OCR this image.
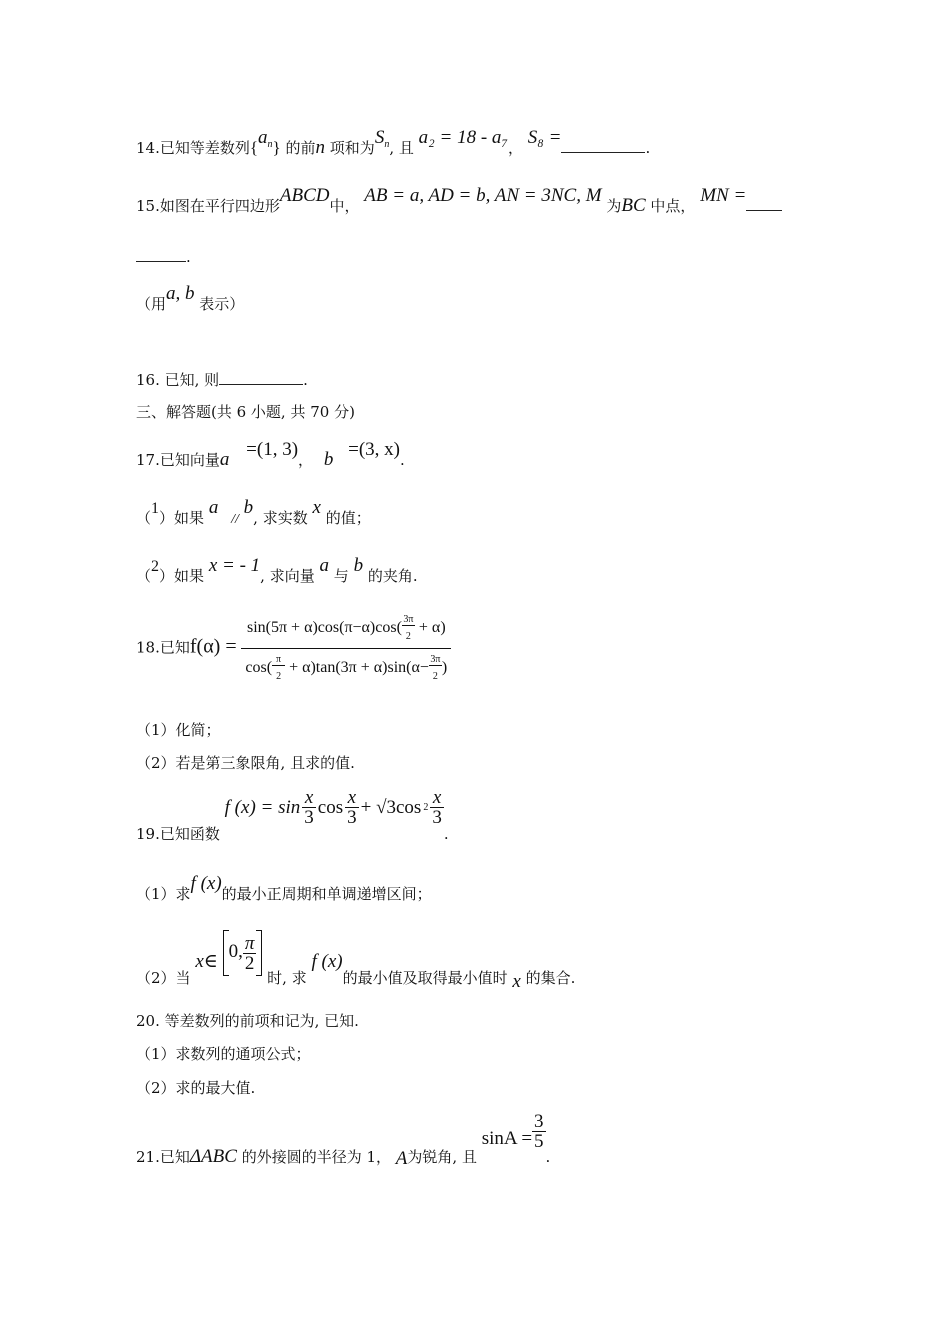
14.已知等差数列$\{a_n\}$ 的前n 项和为$S_n$, 且 a₂ = 18 - a₇， S₈ =	.
15.如图在平行四边形ABCD中， AB = a, AD = b, AN = 3NC, M 为BC 中点， MN =
.
（用a, b 表示）
16. 已知, 则	.
三、解答题(共 6 小题, 共 70 分)
17.已知向量a =(1, 3)， b =(3, x).
（1）如果 a // b, 求实数 x 的值；
（2）如果 x = - 1, 求向量 a 与 b 的夹角.
18.已知$f(\alpha) = \frac{\sin(5\pi + \alpha)\cos(\pi-\alpha)\cos( \frac{3\pi}{2} + \alpha)}{\cos( \frac{\pi}{2} + \alpha)\tan(3\pi + \alpha)\sin(\alpha- \frac{3\pi}{2} )}$
（1）化简；
（2）若是第三象限角, 且求的值.
19.已知函数
f $(x) = \sin \frac{x}{3}$ $\cos \frac{x}{3} + √3\cos$ $2 \frac{x}{3}$
.
（1）求f (x)的最小正周期和单调递增区间；
（2）当 x∈ 0, $\frac{\pi}{2}$
时, 求 f (x)的最小值及取得最小值时 x 的集合.
20. 等差数列的前项和记为, 已知.
（1）求数列的通项公式；
（2）求的最大值.
21.已知ΔABC 的外接圆的半径为 1， A为锐角, 且 $\sin A = \frac{3}{5}$
.
